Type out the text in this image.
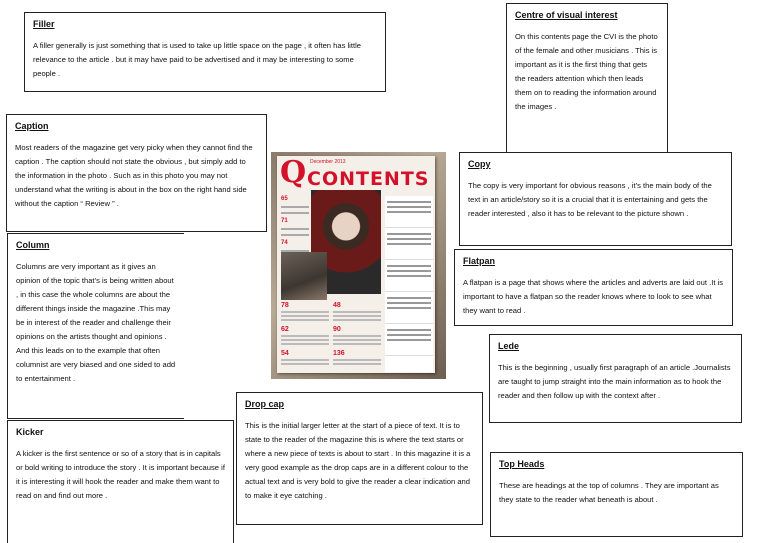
Filler

A filler generally is just something that is used to take up little space on the page , it often has little relevance to the article . but it may have paid to be advertised and it may be interesting to some people .

Centre of visual interest

On this contents page the CVI is the photo of the female and other musicians . This is important as it is the first thing that gets the readers attention which then leads them on to reading the information around the images .

Caption

Most readers of the magazine get very picky when they cannot find the caption . The caption should not state the obvious , but simply add to the information in the photo . Such as in this photo you may not understand what the writing is about in the box on the right hand side without the caption “ Review ” .

Copy

The copy is very important for obvious reasons , it’s the main body of the text in an article/story so it is a crucial that it is entertaining and gets the reader interested , also it has to be relevant to the picture shown .

Column

Columns are very important as it gives an opinion of the topic that’s is being written about , in this case the whole columns are about the different things inside the magazine .This may be in interest of the reader and challenge their opinions on the artists thought and opinions . And this leads on to the example that often columnist are very biased and one sided to add to entertainment .

Flatpan

A flatpan is a page that shows where the articles and adverts are laid out .It is important to have a flatpan so the reader knows where to look to see what they want to read .

Lede

This is the beginning , usually first paragraph of an article .Journalists are taught to jump straight into the main information as to hook the reader and then follow up with the context after .

Drop cap

This is the initial larger letter at the start of a piece of text. It is to state to the reader of the magazine this is where the text starts or where a new piece of texts is about to start . In this magazine it is a very good example as the drop caps are in a different colour to the actual text and is very bold to give the reader a clear indication and to make it eye catching .

Kicker

A kicker is the first sentence or so of a story that is in capitals or bold writing to introduce the story . It is important because if it is interesting it will hook the reader and make them want to read on and find out more .

Top Heads

These are headings at the top of columns . They are important as they state to the reader what beneath is about .

Q December 2013
CONTENTS
65
71
74
78	48
62	90
54	136
